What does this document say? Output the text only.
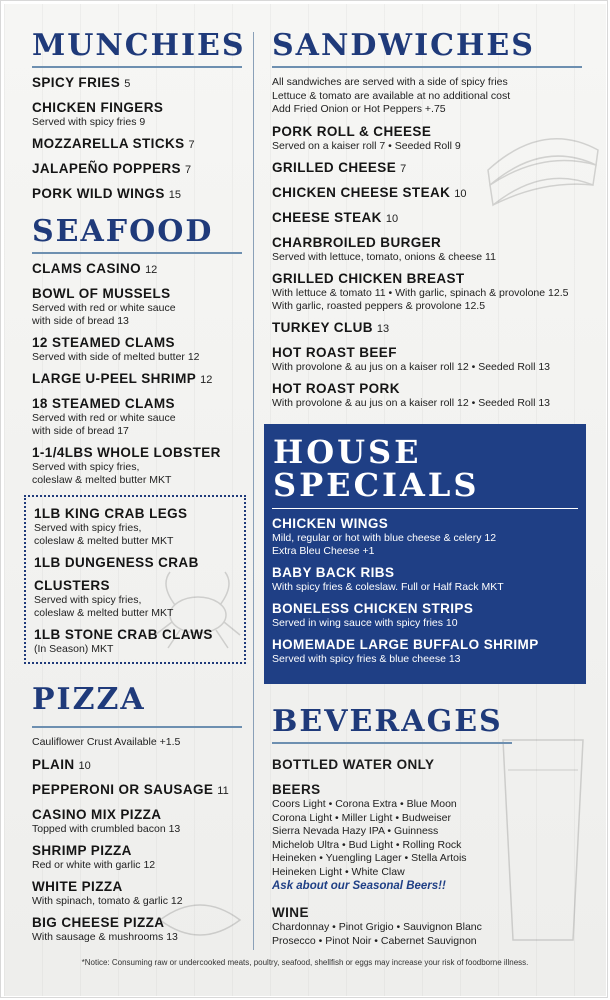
MUNCHIES
SPICY FRIES 5
CHICKEN FINGERS
Served with spicy fries 9
MOZZARELLA STICKS 7
JALAPEÑO POPPERS 7
PORK WILD WINGS 15
SEAFOOD
CLAMS CASINO 12
BOWL OF MUSSELS
Served with red or white sauce
with side of bread 13
12 STEAMED CLAMS
Served with side of melted butter 12
LARGE U-PEEL SHRIMP 12
18 STEAMED CLAMS
Served with red or white sauce
with side of bread 17
1-1/4LBS WHOLE LOBSTER
Served with spicy fries,
coleslaw & melted butter MKT
1LB KING CRAB LEGS
Served with spicy fries,
coleslaw & melted butter MKT
1LB DUNGENESS CRAB
CLUSTERS
Served with spicy fries,
coleslaw & melted butter MKT
1LB STONE CRAB CLAWS
(In Season) MKT
PIZZA
Cauliflower Crust Available +1.5
PLAIN 10
PEPPERONI OR SAUSAGE 11
CASINO MIX PIZZA
Topped with crumbled bacon 13
SHRIMP PIZZA
Red or white with garlic 12
WHITE PIZZA
With spinach, tomato & garlic 12
BIG CHEESE PIZZA
With sausage & mushrooms 13
SANDWICHES
All sandwiches are served with a side of spicy fries
Lettuce & tomato are available at no additional cost
Add Fried Onion or Hot Peppers +.75
PORK ROLL & CHEESE
Served on a kaiser roll 7 • Seeded Roll 9
GRILLED CHEESE 7
CHICKEN CHEESE STEAK 10
CHEESE STEAK 10
CHARBROILED BURGER
Served with lettuce, tomato, onions & cheese 11
GRILLED CHICKEN BREAST
With lettuce & tomato 11 • With garlic, spinach & provolone 12.5
With garlic, roasted peppers & provolone 12.5
TURKEY CLUB 13
HOT ROAST BEEF
With provolone & au jus on a kaiser roll 12 • Seeded Roll 13
HOT ROAST PORK
With provolone & au jus on a kaiser roll 12 • Seeded Roll 13
HOUSE
SPECIALS
CHICKEN WINGS
Mild, regular or hot with blue cheese & celery 12
Extra Bleu Cheese +1
BABY BACK RIBS
With spicy fries & coleslaw. Full or Half Rack MKT
BONELESS CHICKEN STRIPS
Served in wing sauce with spicy fries 10
HOMEMADE LARGE BUFFALO SHRIMP
Served with spicy fries & blue cheese 13
BEVERAGES
BOTTLED WATER ONLY
BEERS
Coors Light • Corona Extra • Blue Moon
Corona Light • Miller Light • Budweiser
Sierra Nevada Hazy IPA • Guinness
Michelob Ultra • Bud Light • Rolling Rock
Heineken • Yuengling Lager • Stella Artois
Heineken Light • White Claw
Ask about our Seasonal Beers!!
WINE
Chardonnay • Pinot Grigio • Sauvignon Blanc
Prosecco • Pinot Noir • Cabernet Sauvignon
*Notice: Consuming raw or undercooked meats, poultry, seafood, shellfish or eggs may increase your risk of foodborne illness.
